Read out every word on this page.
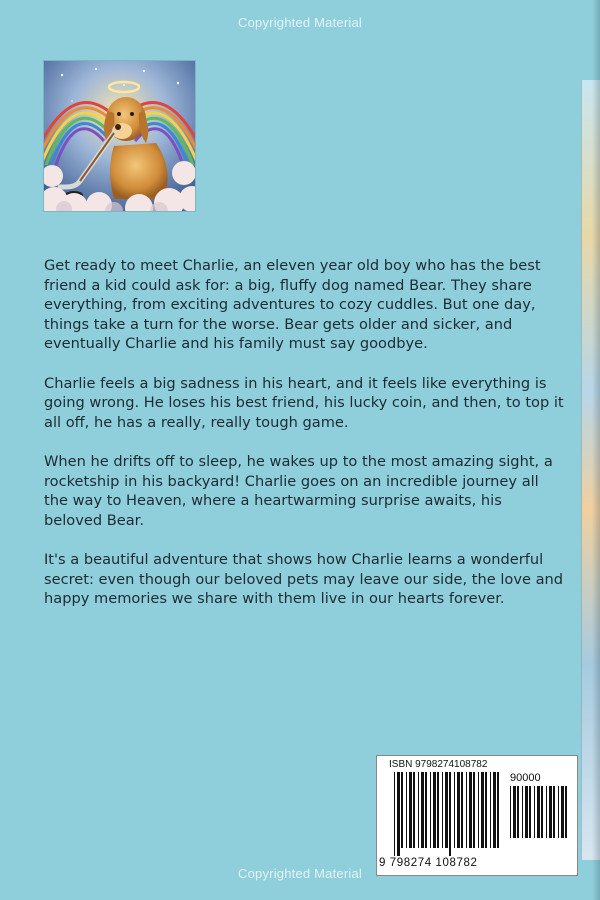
Copyrighted Material

Get ready to meet Charlie, an eleven year old boy who has the best friend a kid could ask for: a big, fluffy dog named Bear. They share everything, from exciting adventures to cozy cuddles. But one day, things take a turn for the worse. Bear gets older and sicker, and eventually Charlie and his family must say goodbye.

Charlie feels a big sadness in his heart, and it feels like everything is going wrong. He loses his best friend, his lucky coin, and then, to top it all off, he has a really, really tough game.

When he drifts off to sleep, he wakes up to the most amazing sight, a rocketship in his backyard! Charlie goes on an incredible journey all the way to Heaven, where a heartwarming surprise awaits, his beloved Bear.

It's a beautiful adventure that shows how Charlie learns a wonderful secret: even though our beloved pets may leave our side, the love and happy memories we share with them live in our hearts forever.

ISBN 9798274108782
90000
9 798274 108782
Copyrighted Material
